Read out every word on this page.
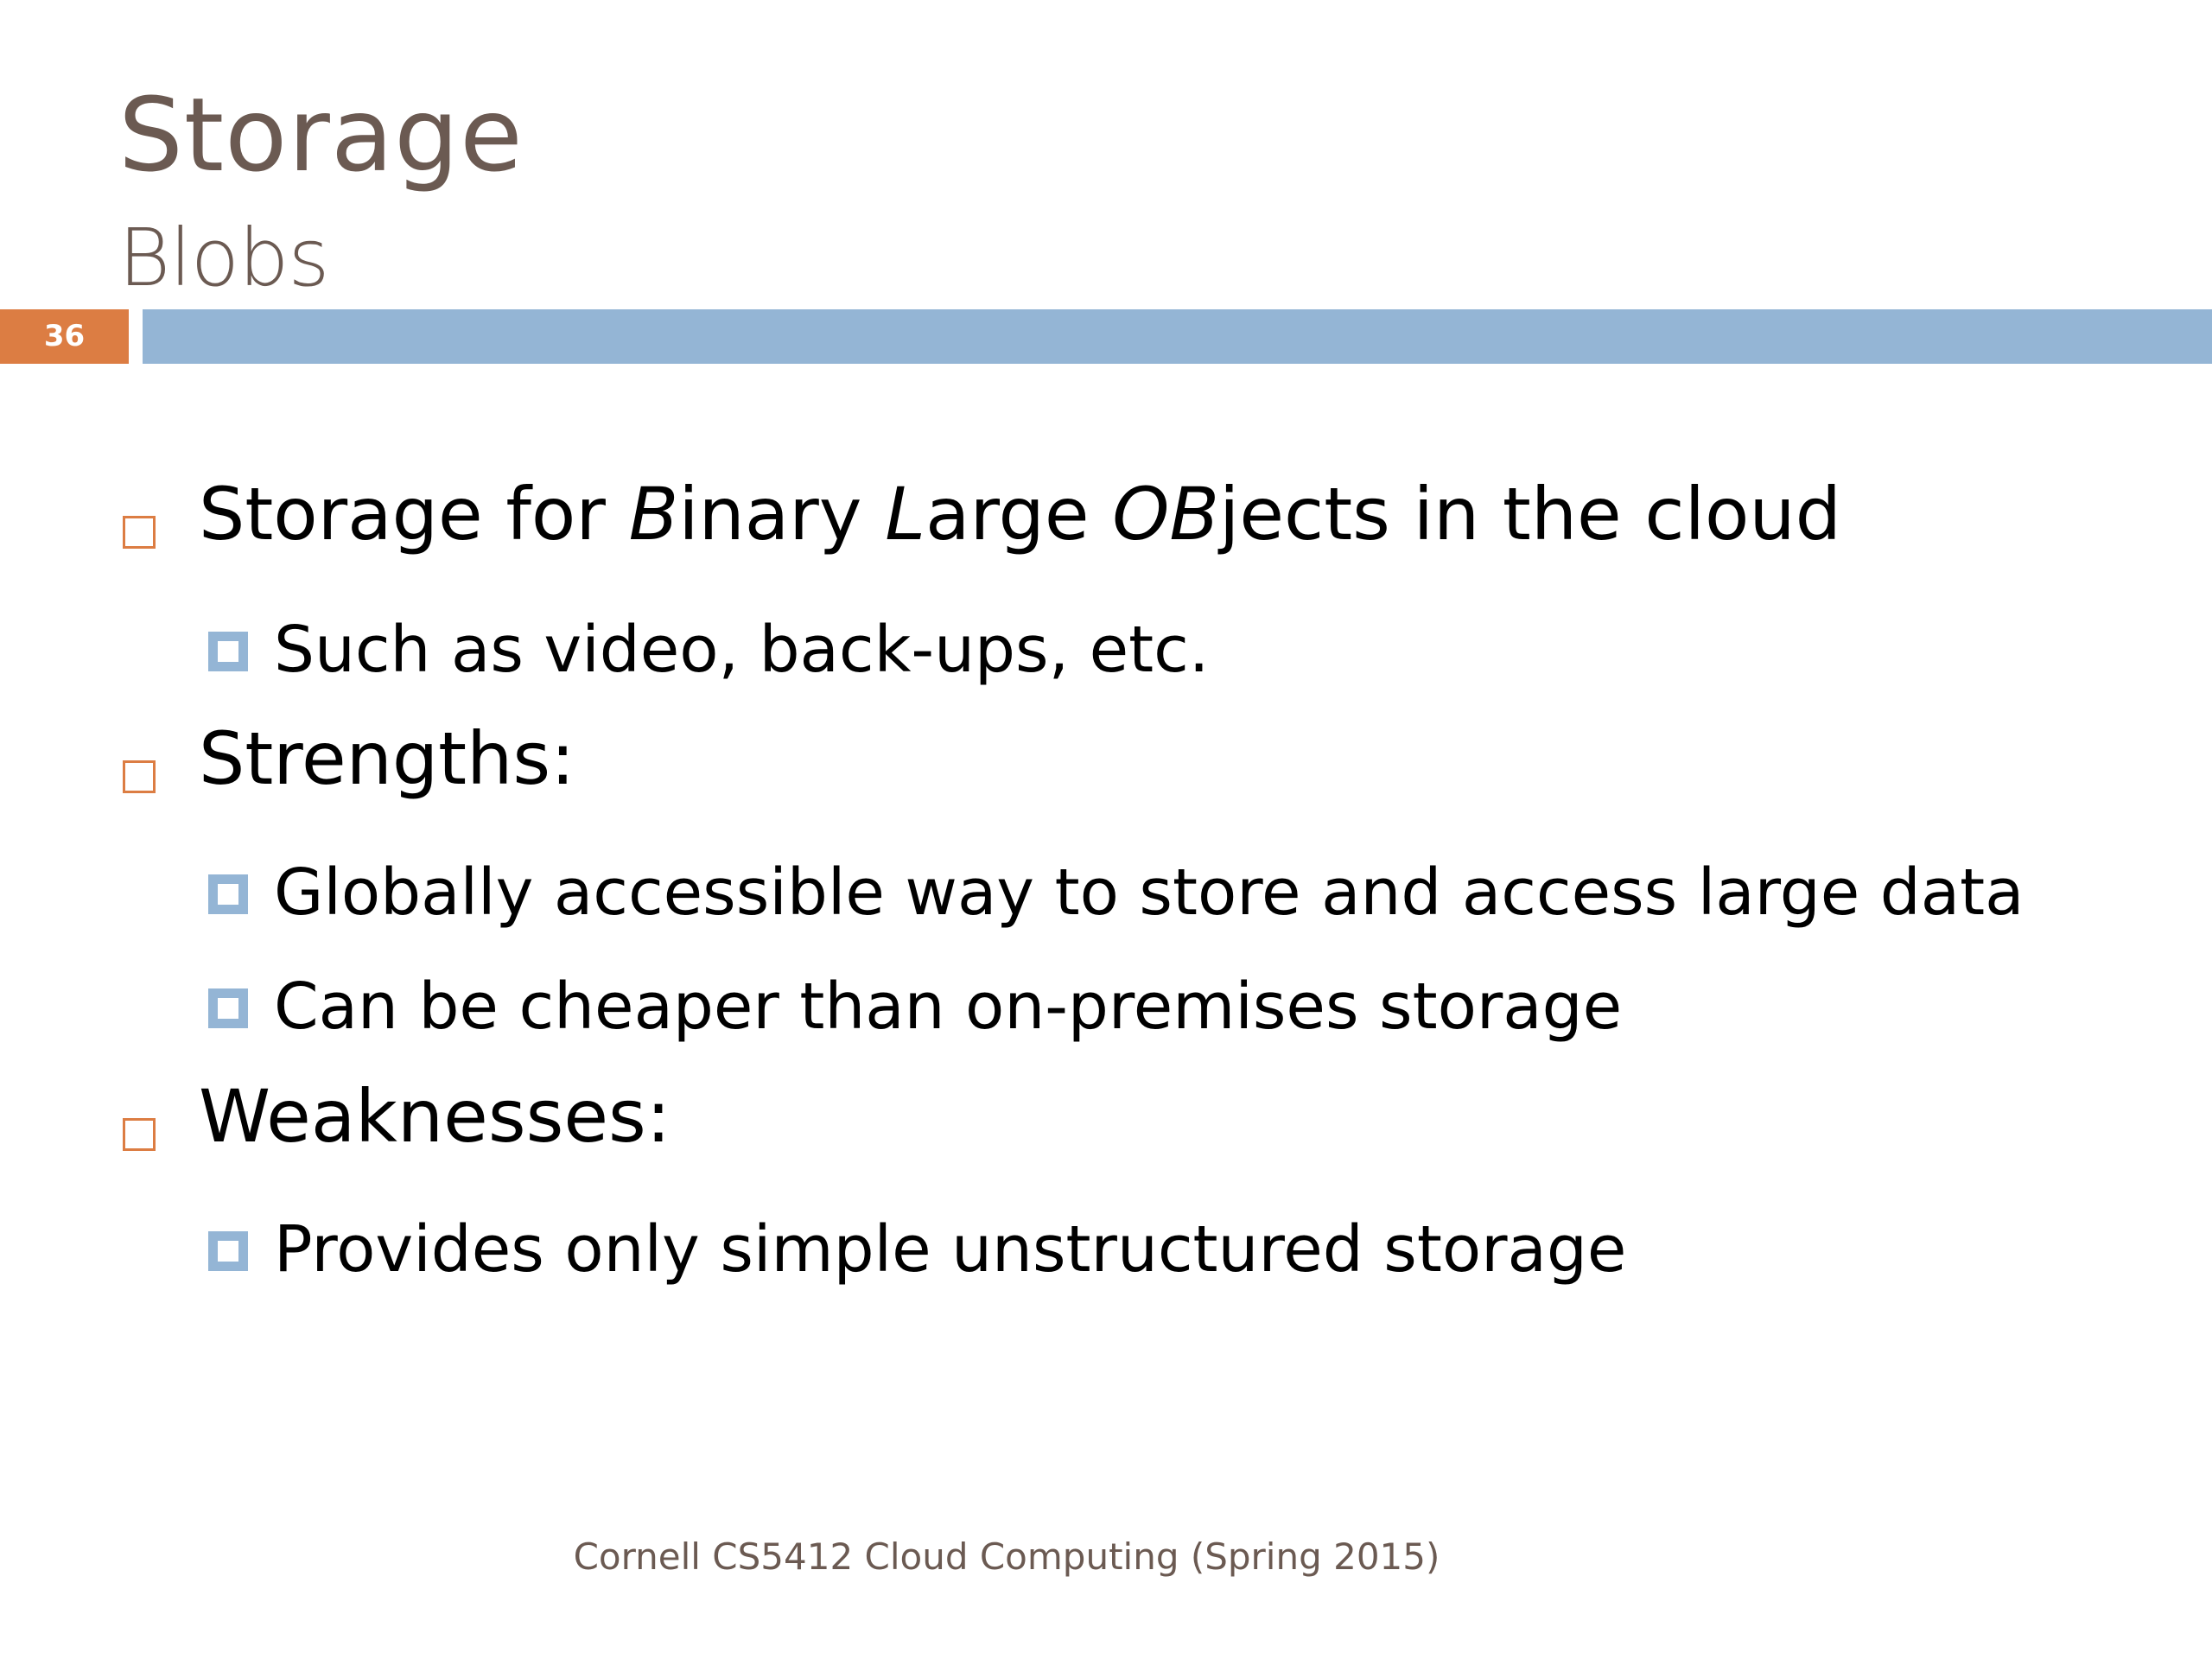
Storage
Blobs
36
Storage for Binary Large OBjects in the cloud
Such as video, back-ups, etc.
Strengths:
Globally accessible way to store and access large data
Can be cheaper than on-premises storage
Weaknesses:
Provides only simple unstructured storage
Cornell CS5412 Cloud Computing (Spring 2015)
